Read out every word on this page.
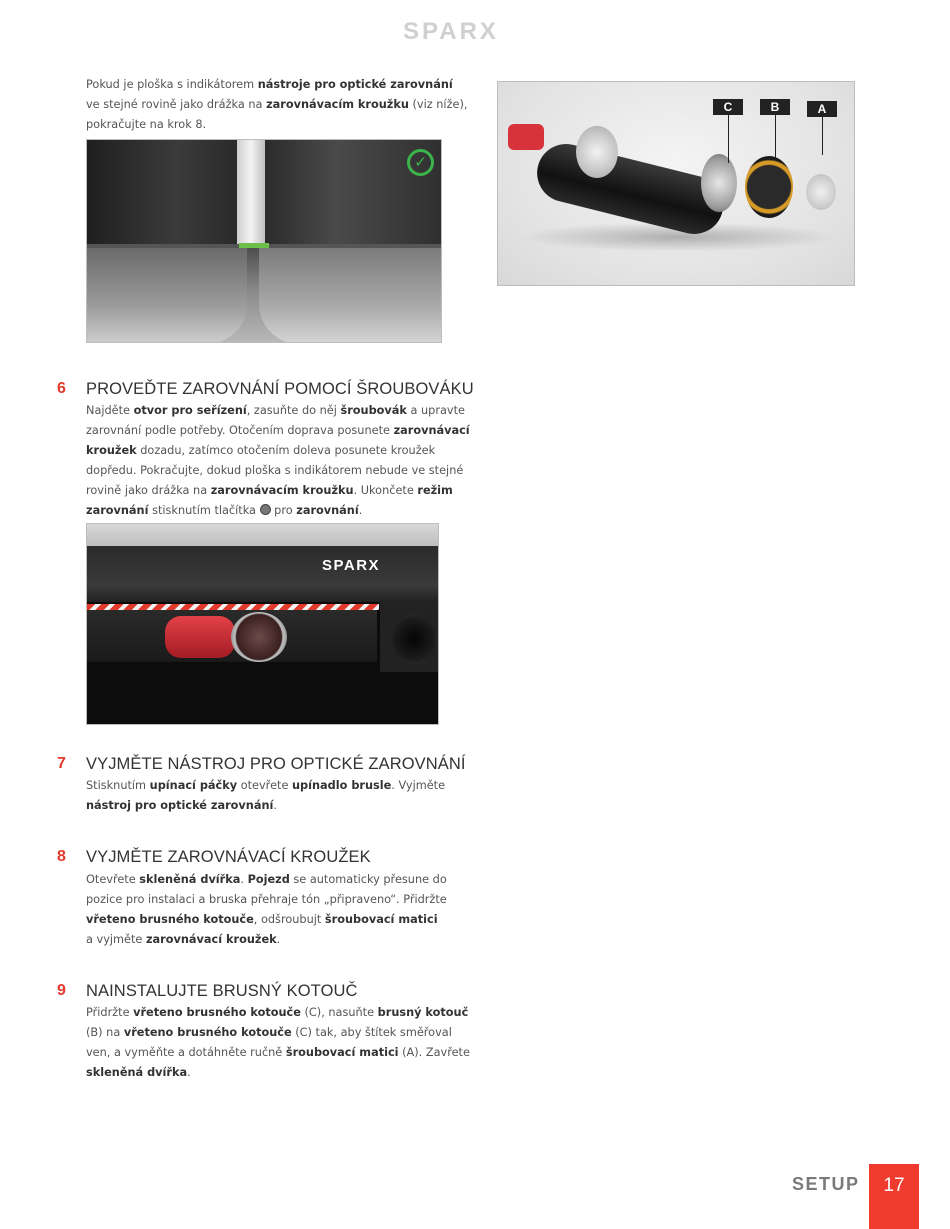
SPARX
Pokud je ploška s indikátorem nástroje pro optické zarovnání
ve stejné rovině jako drážka na zarovnávacím kroužku (viz níže),
pokračujte na krok 8.
✓
C	B	A
6 PROVEĎTE ZAROVNÁNÍ POMOCÍ ŠROUBOVÁKU
Najděte otvor pro seřízení, zasuňte do něj šroubovák a upravte
zarovnání podle potřeby. Otočením doprava posunete zarovnávací
kroužek dozadu, zatímco otočením doleva posunete kroužek
dopředu. Pokračujte, dokud ploška s indikátorem nebude ve stejné
rovině jako drážka na zarovnávacím kroužku. Ukončete režim
zarovnání stisknutím tlačítka  pro zarovnání.
SPARX
7 VYJMĚTE NÁSTROJ PRO OPTICKÉ ZAROVNÁNÍ
Stisknutím upínací páčky otevřete upínadlo brusle. Vyjměte
nástroj pro optické zarovnání.
8 VYJMĚTE ZAROVNÁVACÍ KROUŽEK
Otevřete skleněná dvířka. Pojezd se automaticky přesune do
pozice pro instalaci a bruska přehraje tón „připraveno“. Přidržte
vřeteno brusného kotouče, odšroubujt šroubovací matici
a vyjměte zarovnávací kroužek.
9 NAINSTALUJTE BRUSNÝ KOTOUČ
Přidržte vřeteno brusného kotouče (C), nasuňte brusný kotouč
(B) na vřeteno brusného kotouče (C) tak, aby štítek směřoval
ven, a vyměňte a dotáhněte ručně šroubovací matici (A). Zavřete
skleněná dvířka.
SETUP	17
